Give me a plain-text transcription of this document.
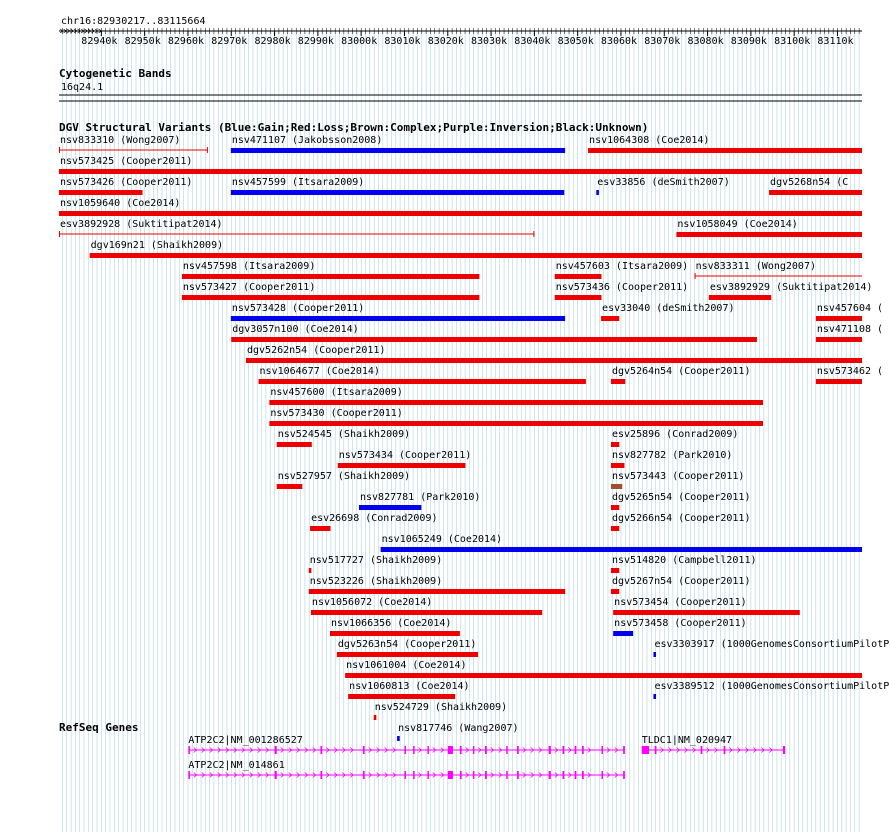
chr16:82930217..83115664
82940k 82950k 82960k 82970k 82980k 82990k 83000k 83010k 83020k 83030k 83040k 83050k 83060k 83070k 83080k 83090k 83100k 83110k
Cytogenetic Bands
16q24.1
DGV Structural Variants (Blue:Gain;Red:Loss;Brown:Complex;Purple:Inversion;Black:Unknown)
nsv833310 (Wong2007)	nsv471107 (Jakobsson2008)	nsv1064308 (Coe2014)
nsv573425 (Cooper2011)
nsv573426 (Cooper2011)	nsv457599 (Itsara2009)	esv33856 (deSmith2007)	dgv5268n54 (C
nsv1059640 (Coe2014)
esv3892928 (Suktitipat2014)
dgv169n21 (Shaikh2009)
nsv1058049 (Coe2014)
nsv457598 (Itsara2009)	nsv457603 (Itsara2009) nsv833311 (Wong2007)
nsv573427 (Cooper2011)	nsv573436 (Cooper2011) esv3892929 (Suktitipat2014)
nsv573428 (Cooper2011)	esv33040 (deSmith2007)	nsv457604 (
dgv3057n100 (Coe2014)	nsv471108 (
dgv5262n54 (Cooper2011)
nsv1064677 (Coe2014)	dgv5264n54 (Cooper2011)	nsv573462 (
nsv457600 (Itsara2009)
nsv573430 (Cooper2011)
nsv524545 (Shaikh2009)
nsv573434 (Cooper2011)
esv25896 (Conrad2009)
nsv527957 (Shaikh2009)
nsv827781 (Park2010)
nsv827782 (Park2010)
esv26698 (Conrad2009)
nsv1065249 (Coe2014)
nsv517727 (Shaikh2009)
nsv573443 (Cooper2011)
nsv523226 (Shaikh2009)
dgv5265n54 (Cooper2011)
nsv1056072 (Coe2014)
dgv5266n54 (Cooper2011)
nsv1066356 (Coe2014)
nsv514820 (Campbell2011)
dgv5263n54 (Cooper2011)
dgv5267n54 (Cooper2011)
nsv1061004 (Coe2014)
nsv1060813 (Coe2014)
nsv573454 (Cooper2011)
nsv524729 (Shaikh2009)
nsv573458 (Cooper2011)
nsv817746 (Wang2007)
esv3303917 (1000GenomesConsortiumPilotP
esv3389512 (1000GenomesConsortiumPilotP
RefSeq Genes
ATP2C2|NM_001286527	TLDC1|NM_020947
ATP2C2|NM_014861
